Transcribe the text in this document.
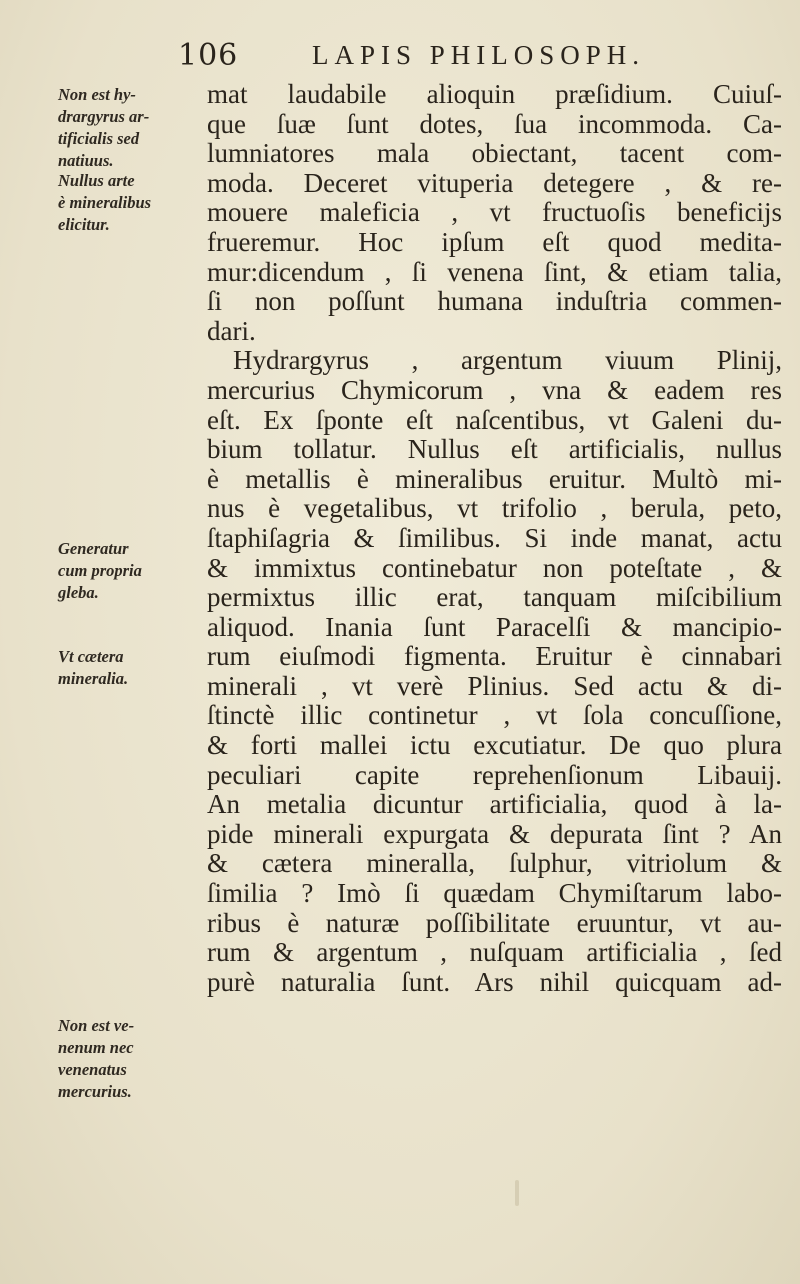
106	LAPIS PHILOSOPH.
Non est hy-
drargyrus ar-
tificialis sed
natiuus.
Nullus arte
è mineralibus
elicitur.
Generatur
cum propria
gleba.
Vt cætera
mineralia.
Non est ve-
nenum nec
venenatus
mercurius.
mat laudabile alioquin præſidium. Cuiuſ-
que ſuæ ſunt dotes, ſua incommoda. Ca-
lumniatores mala obiectant, tacent com-
moda. Deceret vituperia detegere , & re-
mouere maleficia , vt fructuoſis beneficijs
frueremur. Hoc ipſum eſt quod medita-
mur:dicendum , ſi venena ſint, & etiam talia,
ſi non poſſunt humana induſtria commen-
dari.
Hydrargyrus , argentum viuum Plinij,
mercurius Chymicorum , vna & eadem res
eſt. Ex ſponte eſt naſcentibus, vt Galeni du-
bium tollatur. Nullus eſt artificialis, nullus
è metallis è mineralibus eruitur. Multò mi-
nus è vegetalibus, vt trifolio , berula, peto,
ſtaphiſagria & ſimilibus. Si inde manat, actu
& immixtus continebatur non poteſtate , &
permixtus illic erat, tanquam miſcibilium
aliquod. Inania ſunt Paracelſi & mancipio-
rum eiuſmodi figmenta. Eruitur è cinnabari
minerali , vt verè Plinius. Sed actu & di-
ſtinctè illic continetur , vt ſola concuſſione,
& forti mallei ictu excutiatur. De quo plura
peculiari capite reprehenſionum Libauij.
An metalia dicuntur artificialia, quod à la-
pide minerali expurgata & depurata ſint ? An
& cætera mineralla, ſulphur, vitriolum &
ſimilia ? Imò ſi quædam Chymiſtarum labo-
ribus è naturæ poſſibilitate eruuntur, vt au-
rum & argentum , nuſquam artificialia , ſed
purè naturalia ſunt. Ars nihil quicquam ad-
